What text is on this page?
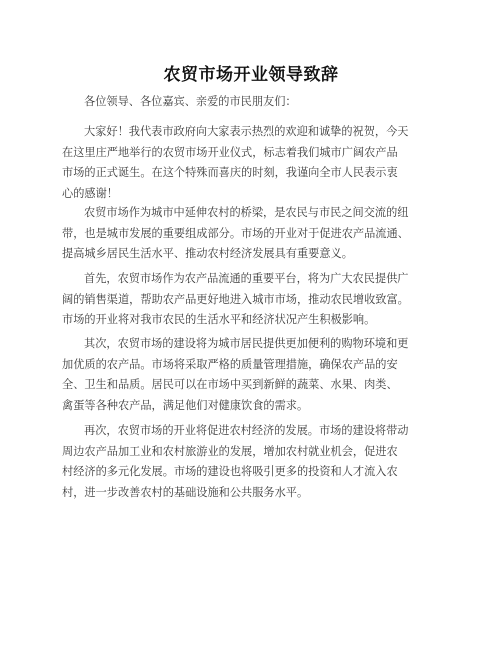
农贸市场开业领导致辞
各位领导、各位嘉宾、亲爱的市民朋友们：
大家好！我代表市政府向大家表示热烈的欢迎和诚挚的祝贺，今天
在这里庄严地举行的农贸市场开业仪式，标志着我们城市广阔农产品
市场的正式诞生。在这个特殊而喜庆的时刻，我谨向全市人民表示衷
心的感谢！
农贸市场作为城市中延伸农村的桥梁，是农民与市民之间交流的纽
带，也是城市发展的重要组成部分。市场的开业对于促进农产品流通、
提高城乡居民生活水平、推动农村经济发展具有重要意义。
首先，农贸市场作为农产品流通的重要平台，将为广大农民提供广
阔的销售渠道，帮助农产品更好地进入城市市场，推动农民增收致富。
市场的开业将对我市农民的生活水平和经济状况产生积极影响。
其次，农贸市场的建设将为城市居民提供更加便利的购物环境和更
加优质的农产品。市场将采取严格的质量管理措施，确保农产品的安
全、卫生和品质。居民可以在市场中买到新鲜的蔬菜、水果、肉类、
禽蛋等各种农产品，满足他们对健康饮食的需求。
再次，农贸市场的开业将促进农村经济的发展。市场的建设将带动
周边农产品加工业和农村旅游业的发展，增加农村就业机会，促进农
村经济的多元化发展。市场的建设也将吸引更多的投资和人才流入农
村，进一步改善农村的基础设施和公共服务水平。
